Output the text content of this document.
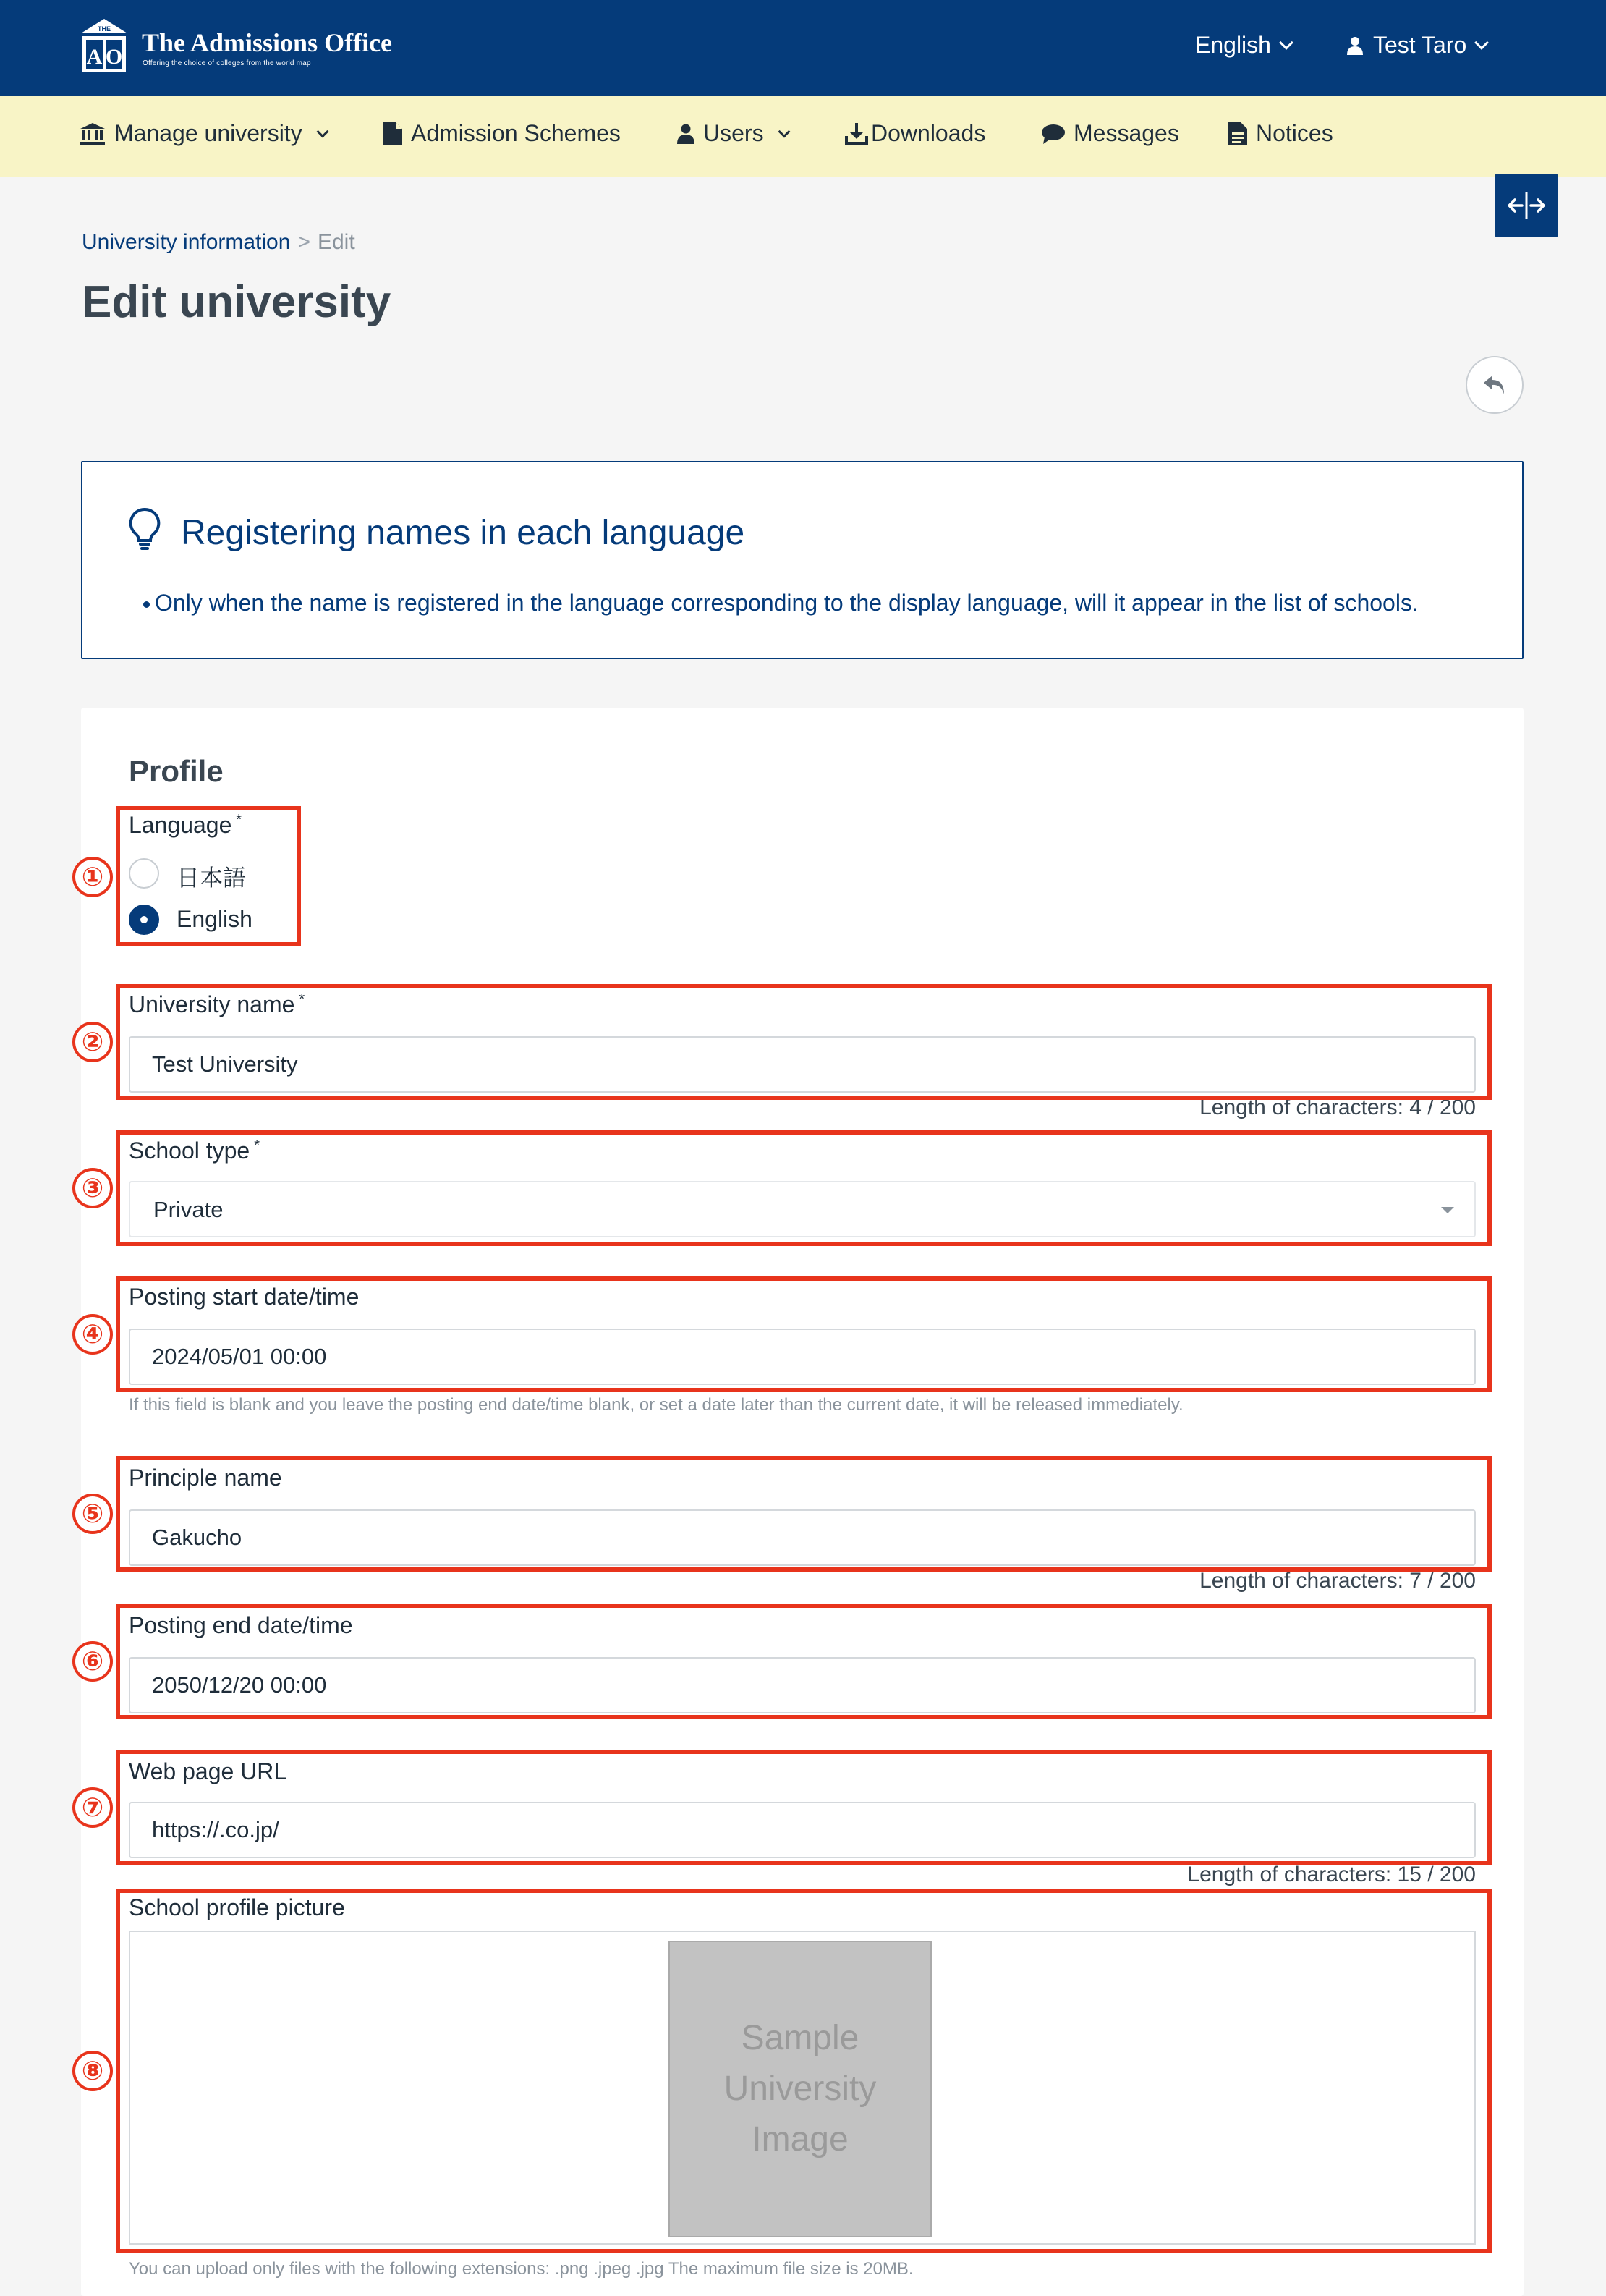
A O
THE The Admissions Office
Offering the choice of colleges from the world map
English	Test Taro
Manage university	Admission Schemes	Users	Downloads	Messages	Notices
University information > Edit
Edit university
Registering names in each language
Only when the name is registered in the language corresponding to the display language, will it appear in the list of schools.
Profile
Language *
日本語
English
University name *
Test University
Length of characters: 4 / 200
School type *
Private
Posting start date/time
2024/05/01 00:00
If this field is blank and you leave the posting end date/time blank, or set a date later than the current date, it will be released immediately.
Principle name
Gakucho
Length of characters: 7 / 200
Posting end date/time
2050/12/20 00:00
Web page URL
https://.co.jp/
Length of characters: 15 / 200
School profile picture
Sample
University
Image
You can upload only files with the following extensions: .png .jpeg .jpg The maximum file size is 20MB.
①
②
③
④
⑤
⑥
⑦
⑧
